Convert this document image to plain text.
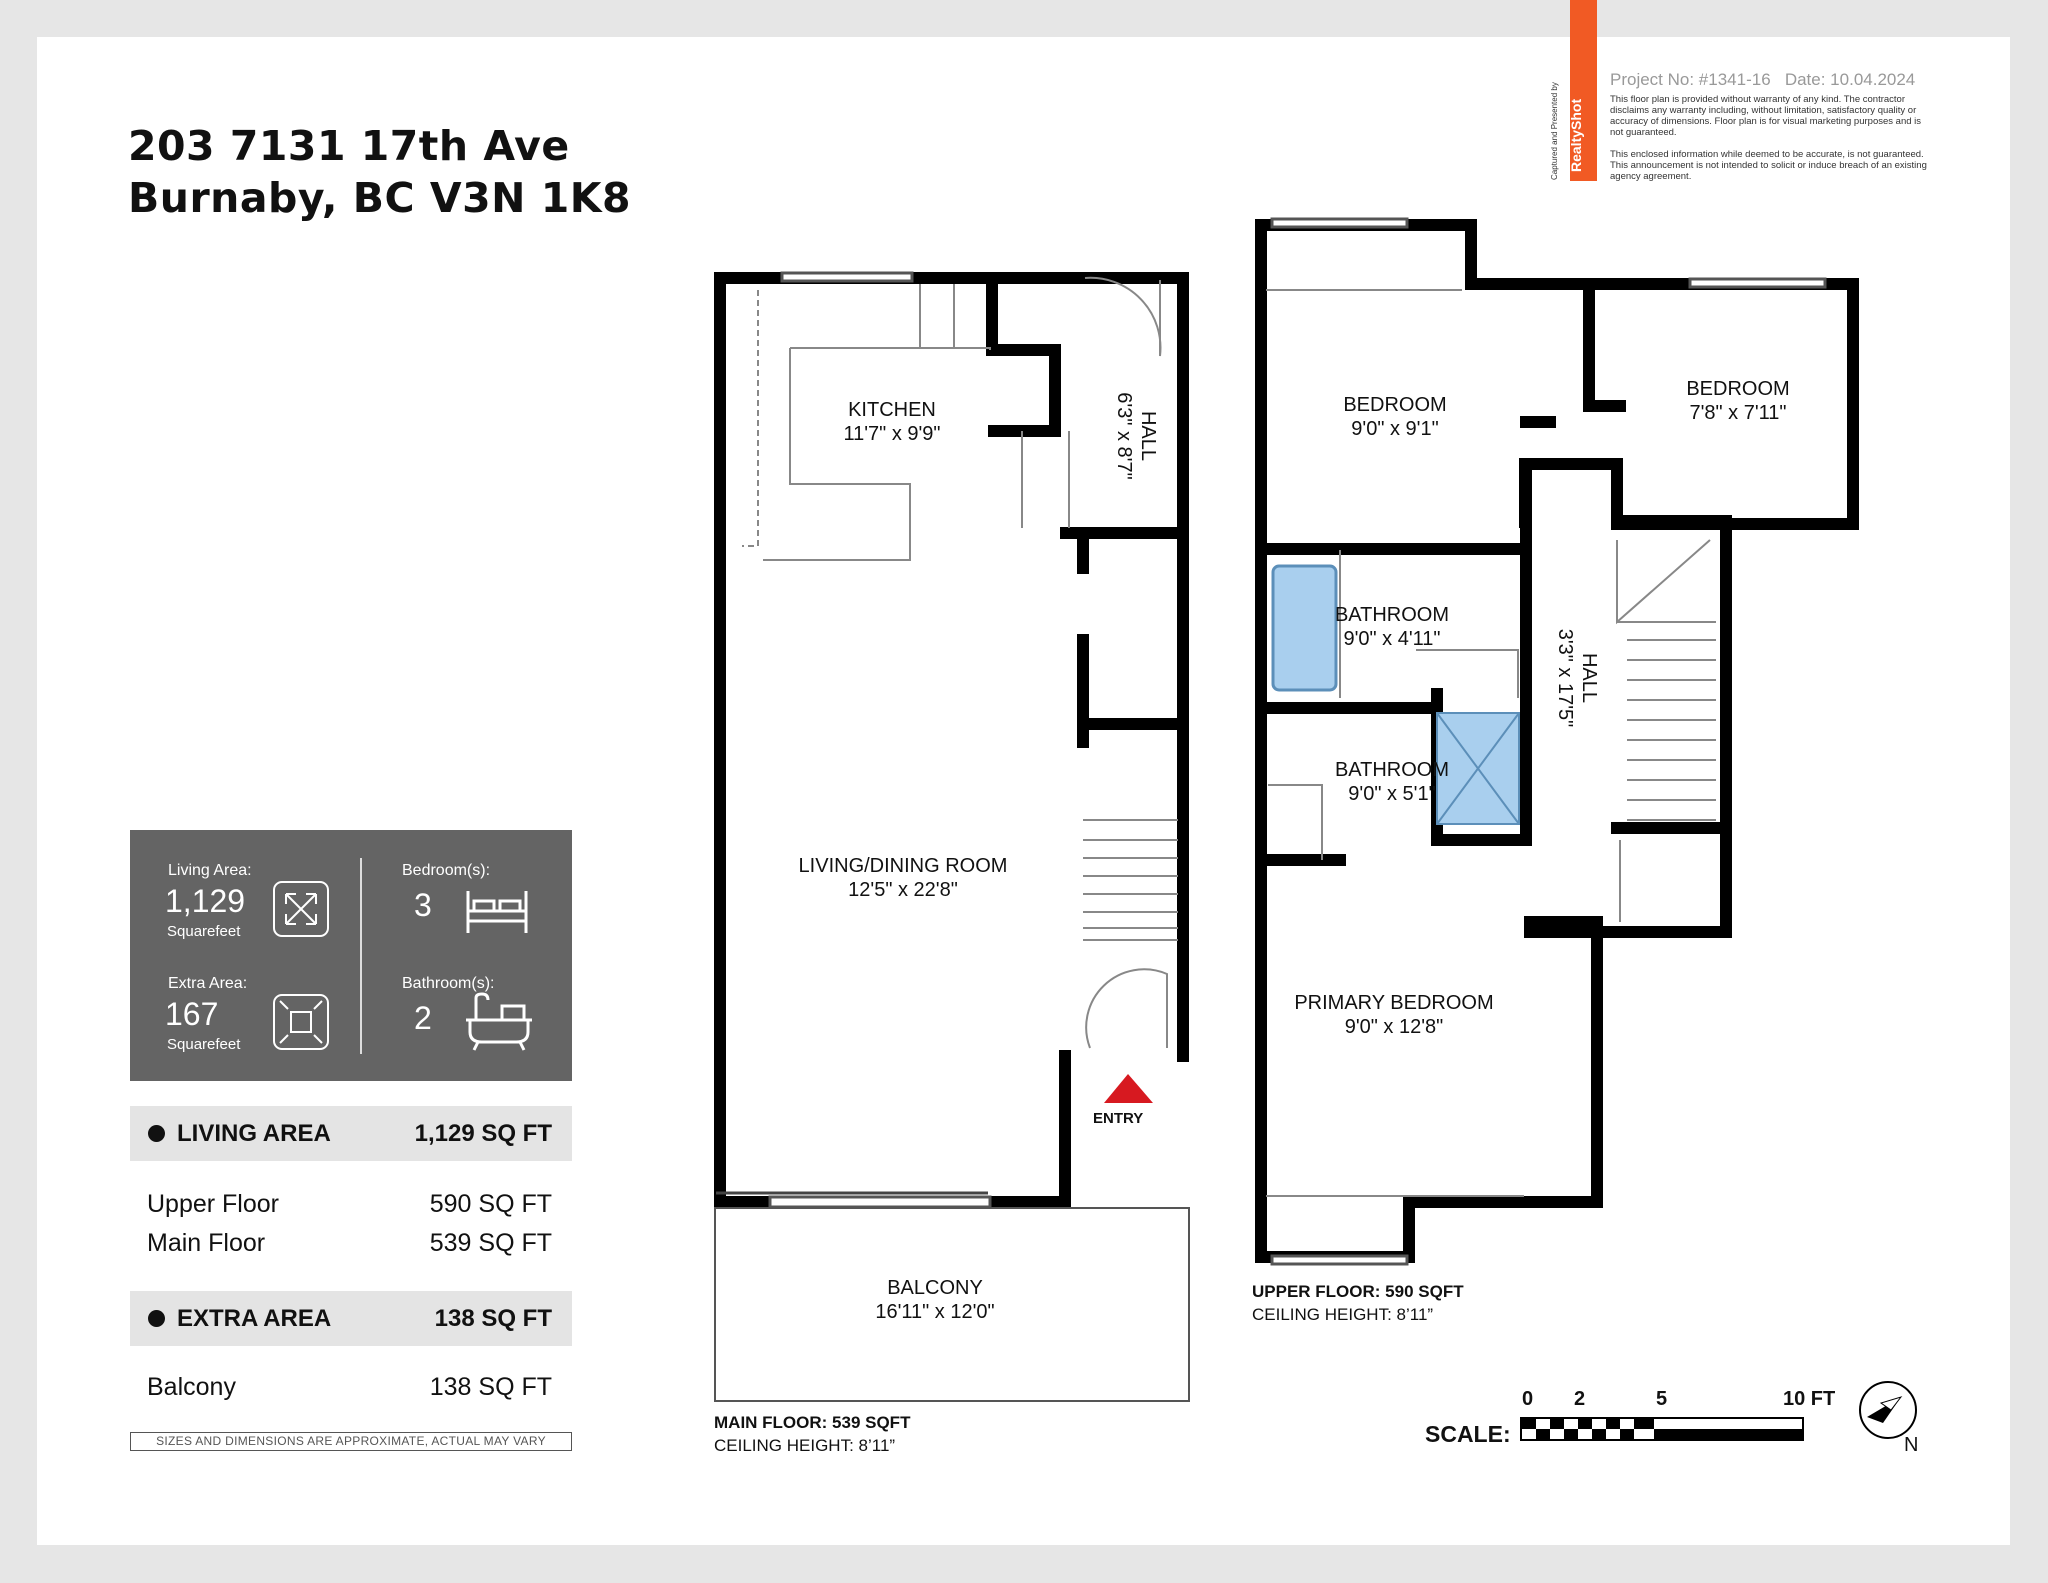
203 7131 17th Ave
Burnaby, BC V3N 1K8
RealtyShot
Captured and Presented by
Project No: #1341-16 Date: 10.04.2024
This floor plan is provided without warranty of any kind. The contractor disclaims any warranty including, without limitation, satisfactory quality or accuracy of dimensions. Floor plan is for visual marketing purposes and is not guaranteed.
This enclosed information while deemed to be accurate, is not guaranteed. This announcement is not intended to solicit or induce breach of an existing agency agreement.
Living Area:
1,129
Squarefeet
Extra Area:
167
Squarefeet
Bedroom(s):
3
Bathroom(s):
2
LIVING AREA	1,129 SQ FT
Upper Floor	590 SQ FT
Main Floor	539 SQ FT
EXTRA AREA	138 SQ FT
Balcony	138 SQ FT
SIZES AND DIMENSIONS ARE APPROXIMATE, ACTUAL MAY VARY
KITCHEN
11'7" x 9'9"	HALL
6'3" x 8'7"
LIVING/DINING ROOM
12'5" x 22'8"
BALCONY
16'11" x 12'0"
ENTRY
MAIN FLOOR: 539 SQFT
CEILING HEIGHT: 8’11”
BEDROOM
9'0" x 9'1"
BEDROOM
7'8" x 7'11"
BATHROOM
9'0" x 4'11"
BATHROOM
9'0" x 5'1"
HALL
3'3" x 17'5"
PRIMARY BEDROOM
9'0" x 12'8"
UPPER FLOOR: 590 SQFT
CEILING HEIGHT: 8’11”
SCALE:
0 2	5	10 FT
N
